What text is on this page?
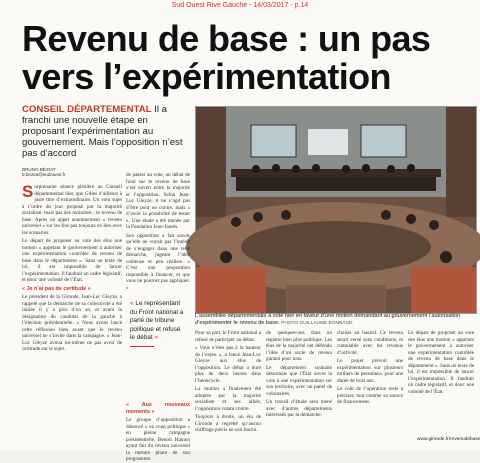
Sud Ouest Rive Gauche - 14/03/2017 - p.14
Revenu de base : un pas vers l’expérimentation
CONSEIL DÉPARTEMENTAL Il a franchi une nouvelle étape en proposant l’expérimentation au gouvernement. Mais l’opposition n’est pas d’accord
BRUNO BÉZIAT
b.beziat@sudouest.fr
L’assemblée départementale a voté hier en faveur d’une motion demandant au gouvernement l’autorisation d’expérimenter le revenu de base. PHOTO GUILLAUME BONNAUD

Surprenante séance plénière au Conseil départemental hier, que Gilles d’ailleurs à juste titre d’extraordinaire. Un vœu sujet à l’ordre du jour proposé par la majorité socialiste, mais pas des moindres : le revenu de base. Après un appel unanimement « revenu universel » sur les fins pas toujours en lien avec les scénarios.

Le départ de proposer au vote des élus une motion « appelant le gouvernement à autoriser une expérimentation contrôlée de revenu de base dans le département ». Sans un texte de loi, il est impossible de lancer l’expérimentation. Il faudrait un cadre législatif, et donc une volonté de l’État.

« Je n’ai pas de certitude »

Le président de la Gironde, Jean-Luc Gleyze, a rappelé que la démarche de sa collectivité a été initiée il y a plus d’un an, et avant la désignation du candidat de la gauche à l’élection présidentielle. « Nous avons lancé cette réflexion bien avant que le revenu universel ne s’invite dans la campagne. » Jean-Luc Gleyze avoua lui-même ne pas avoir de certitude sur le sujet.

de passer au vote, un débat de fond sur le revenu de base s’est ouvert entre la majorité et l’opposition. Selon Jean-Luc Gleyze, il ne s’agit pas d’être pour ou contre, mais « d’avoir la possibilité de tester ». Une étude a été menée par la Fondation Jean-Jaurès.

Son opposition a fait savoir qu’elle ne voyait pas l’intérêt de s’engager dans une telle démarche, jugeant l’idée coûteuse et peu réaliste. « C’est une proposition impossible à financer, et que vous ne pourrez pas appliquer. »

« Le représentant du Front national a parlé de tribune politique et refusé le débat »

« Aux nouveaux moments »

Le groupe d’opposition a dénoncé « un coup politique » en pleine campagne présidentielle, Benoît Hamon ayant fait du revenu universel la mesure phare de son programme.

Pour sa part, le Front national a refusé de participer au débat.

« Vous n’êtes pas à la hauteur de l’enjeu », a lancé Jean-Luc Gleyze aux élus de l’opposition. Le débat a duré plus de deux heures dans l’hémicycle.

La motion a finalement été adoptée par la majorité socialiste et ses alliés, l’opposition votant contre.

Toujours à droite, un élu de Gironde a regretté qu’aucun chiffrage précis ne soit fourni.

de quelques-uns dans un registre bien plus politique. Les élus de la majorité ont défendu l’idée d’un socle de revenu garanti pour tous.

Le département souhaite désormais que l’État ouvre la voie à une expérimentation sur son territoire, avec un panel de volontaires.

Un travail d’étude sera mené avec d’autres départements intéressés par la démarche.

choisis au hasard. Ce revenu serait versé sans conditions, et cumulable avec les revenus d’activité.

Le projet prévoit une expérimentation sur plusieurs milliers de personnes, pour une durée de trois ans.

Le coût de l’opération reste à préciser, tout comme sa source de financement.

Le départ de proposer au vote des élus une motion « appelant le gouvernement à autoriser une expérimentation contrôlée de revenu de base dans le département ». Sans un texte de loi, il est impossible de lancer l’expérimentation. Il faudrait un cadre législatif, et donc une volonté de l’État.

www.gironde.fr/revenudebase
